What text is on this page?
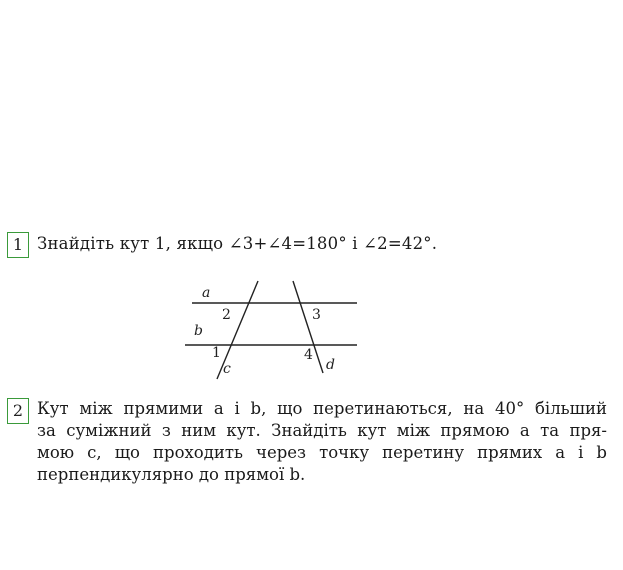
1 Знайдіть кут 1, якщо ∠3+∠4=180° і ∠2=42°.
a
b
c	d
1
2	3
4
2 Кут між прямими a і b, що перетинаються, на 40° більший
за суміжний з ним кут. Знайдіть кут між прямою a та пря-
мою c, що проходить через точку перетину прямих a і b
перпендикулярно до прямої b.
